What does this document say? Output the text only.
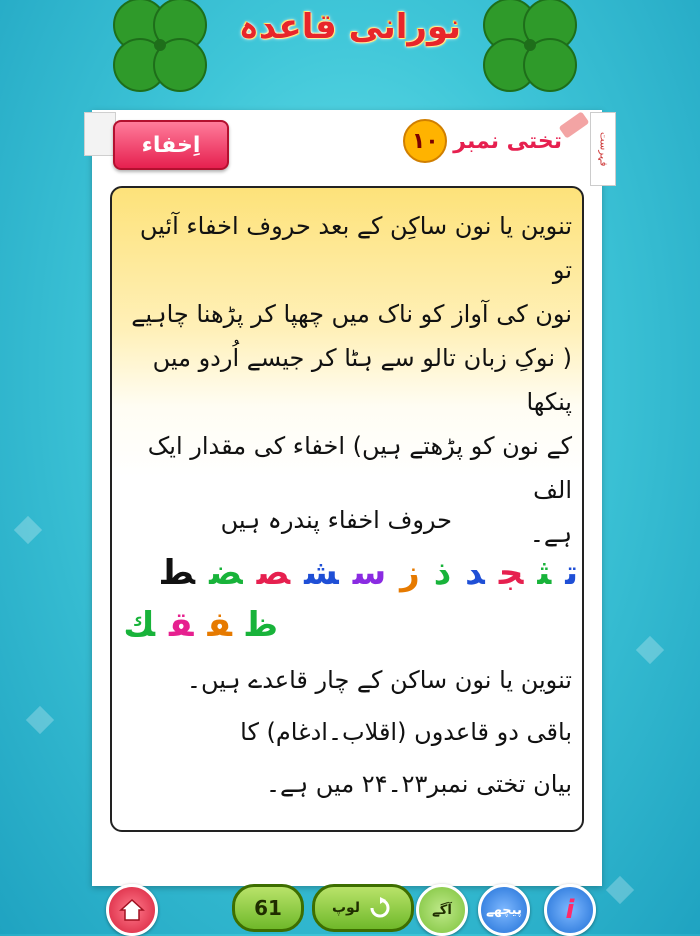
نورانی قاعدہ
اِخفاء	تختی نمبر
۱۰	فہرست
تنوین یا نون ساکِن کے بعد حروف اخفاء آئیں تو
نون کی آواز کو ناک میں چھپا کر پڑھنا چاہیے
( نوکِ زبان تالو سے ہٹا کر جیسے اُردو میں پنکھا
کے نون کو پڑھتے ہیں) اخفاء کی مقدار ایک الف
ہے۔
حروف اخفاء پندرہ ہیں
تثجدذزسشصضط
ظفقك
تنوین یا نون ساکن کے چار قاعدے ہیں۔
باقی دو قاعدوں (اقلاب۔ادغام) کا
بیان تختی نمبر۲۳۔۲۴ میں ہے۔
61	لوپ	آگے	پیچھے i
